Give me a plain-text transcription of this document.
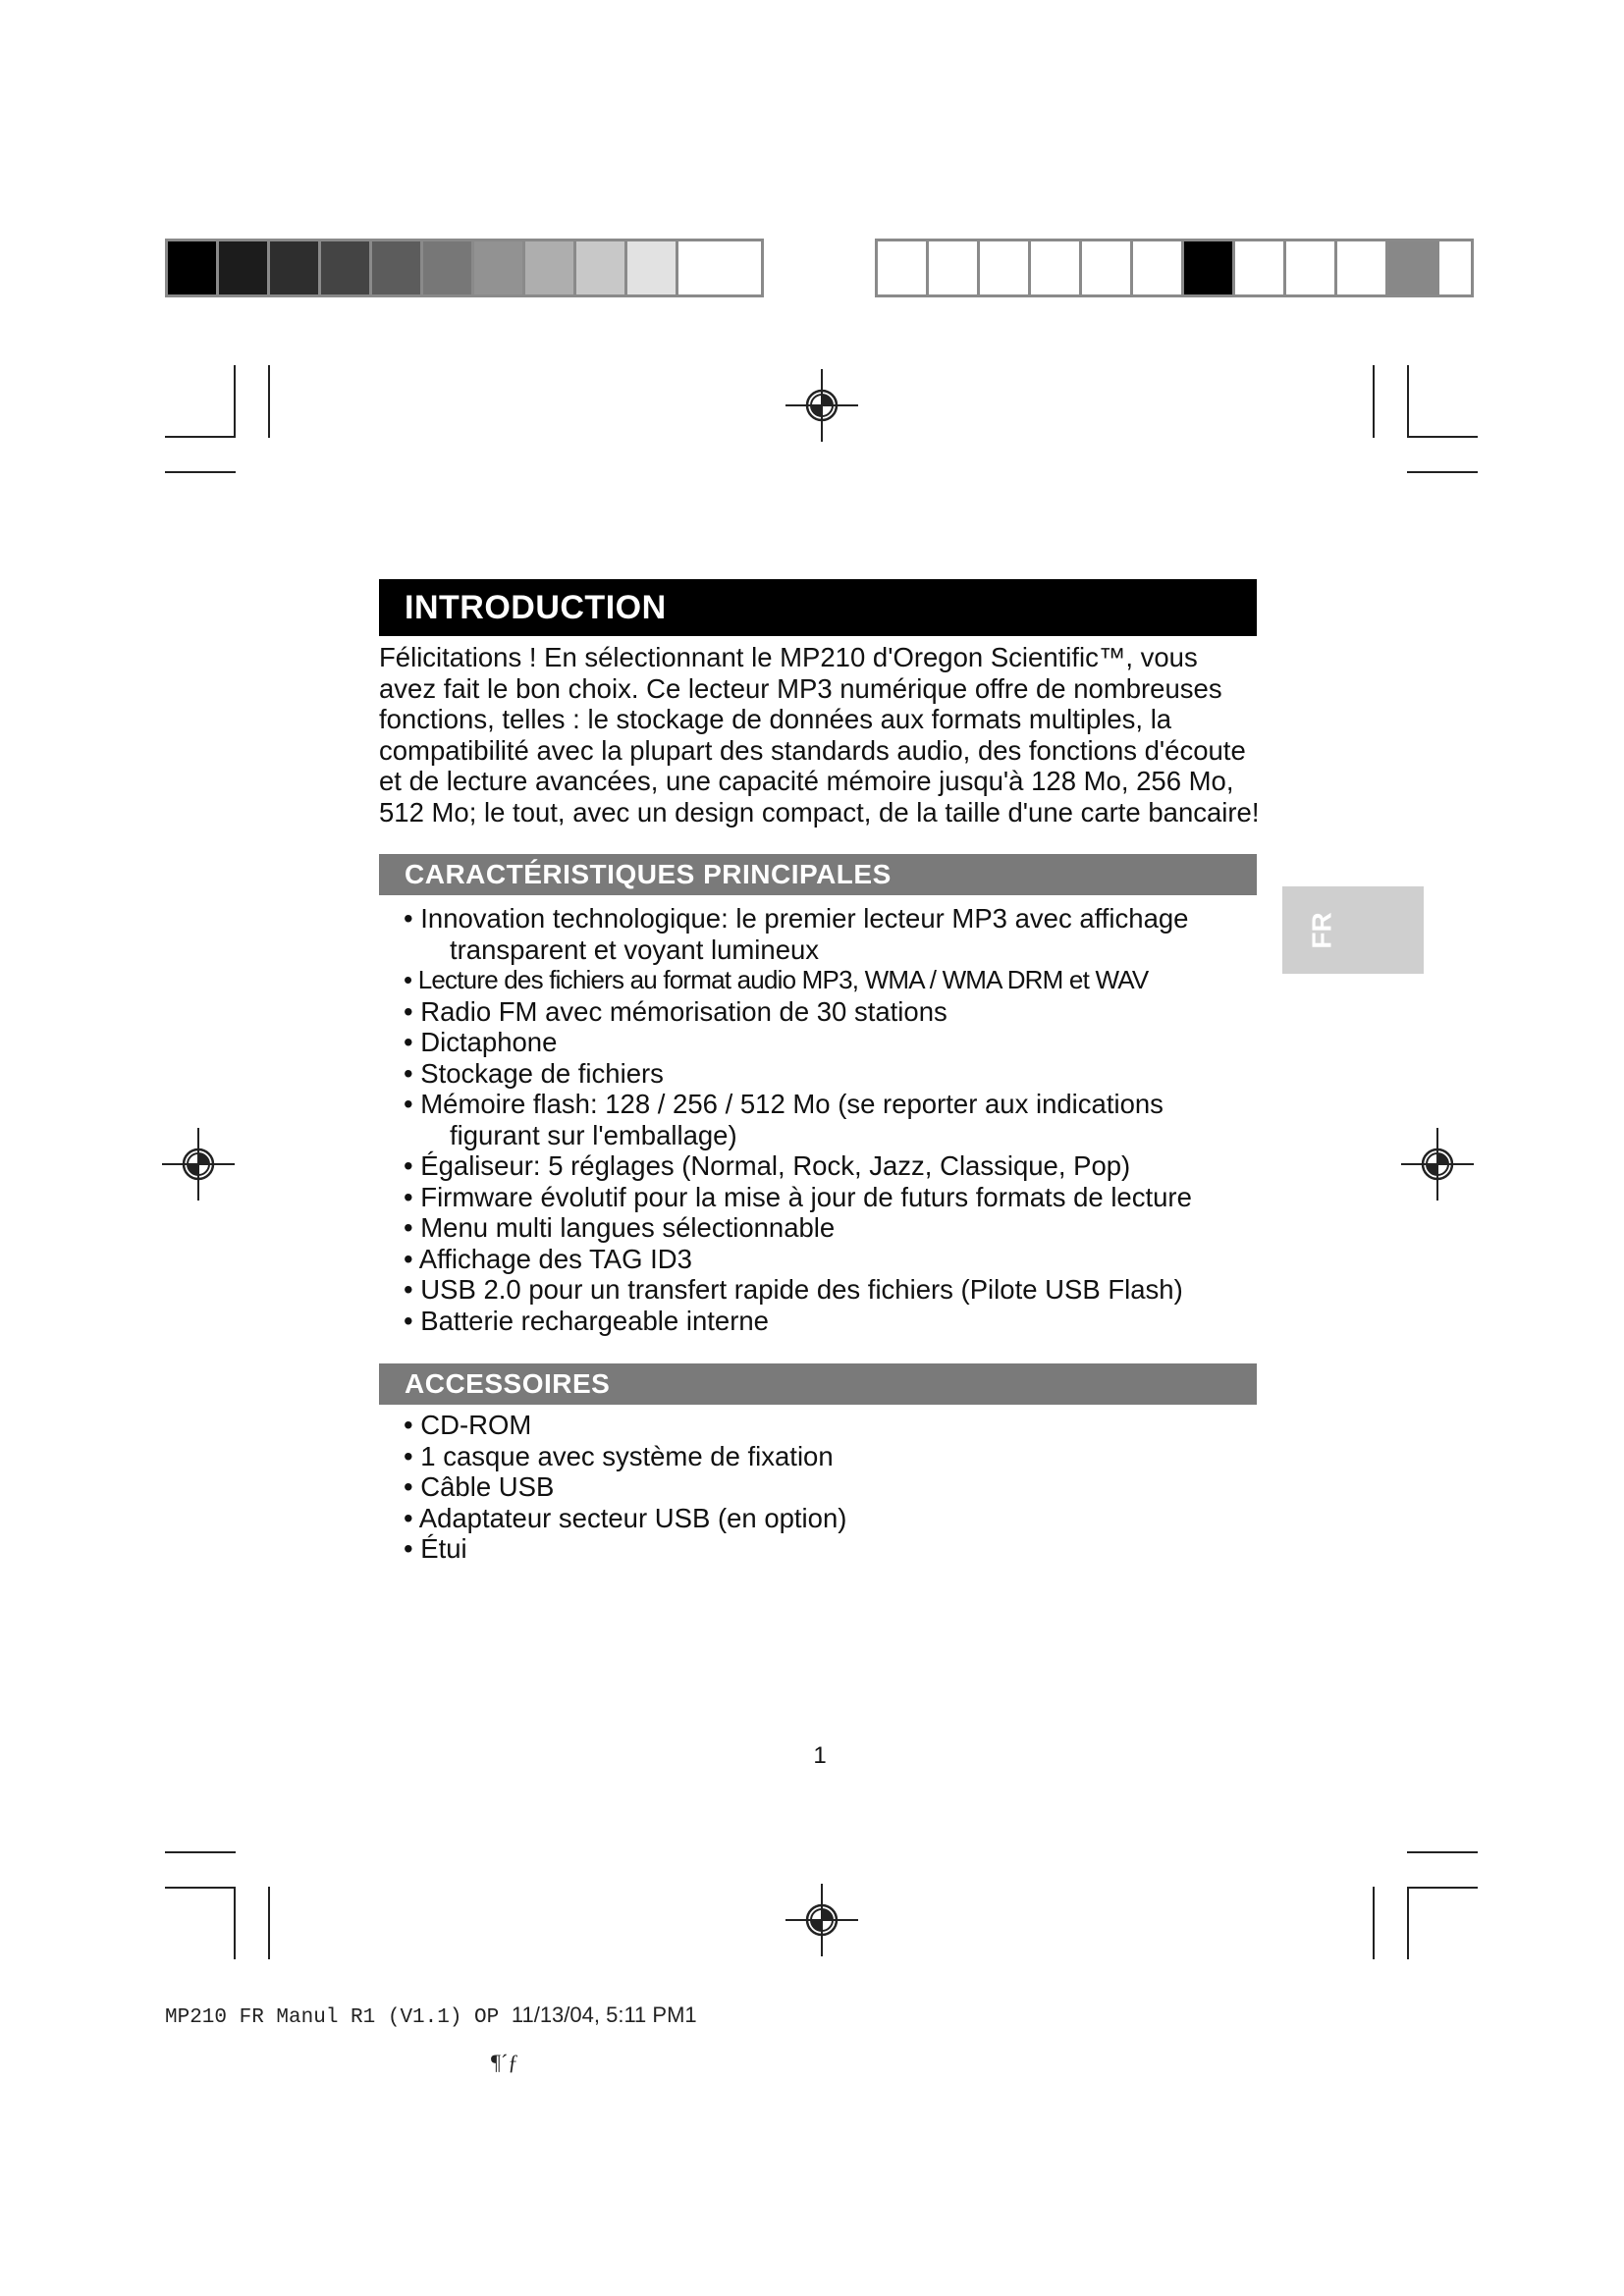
INTRODUCTION
Félicitations ! En sélectionnant le MP210 d'Oregon Scientific™, vous
avez fait le bon choix. Ce lecteur MP3 numérique offre de nombreuses
fonctions, telles : le stockage de données aux formats multiples, la
compatibilité avec la plupart des standards audio, des fonctions d'écoute
et de lecture avancées, une capacité mémoire jusqu'à 128 Mo, 256 Mo,
512 Mo; le tout, avec un design compact, de la taille d'une carte bancaire!
CARACTÉRISTIQUES PRINCIPALES
• Innovation technologique: le premier lecteur MP3 avec affichage
transparent et voyant lumineux
• Lecture des fichiers au format audio MP3, WMA / WMA DRM et WAV
• Radio FM avec mémorisation de 30 stations
• Dictaphone
• Stockage de fichiers
• Mémoire flash: 128 / 256 / 512 Mo (se reporter aux indications
figurant sur l'emballage)
• Égaliseur: 5 réglages (Normal, Rock, Jazz, Classique, Pop)
• Firmware évolutif pour la mise à jour de futurs formats de lecture
• Menu multi langues sélectionnable
• Affichage des TAG ID3
• USB 2.0 pour un transfert rapide des fichiers (Pilote USB Flash)
• Batterie rechargeable interne
ACCESSOIRES
• CD-ROM
• 1 casque avec système de fixation
• Câble USB
• Adaptateur secteur USB (en option)
• Étui
FR
1
MP210 FR Manul R1 (V1.1) OP 11/13/04, 5:11 PM1
¶´ƒ
